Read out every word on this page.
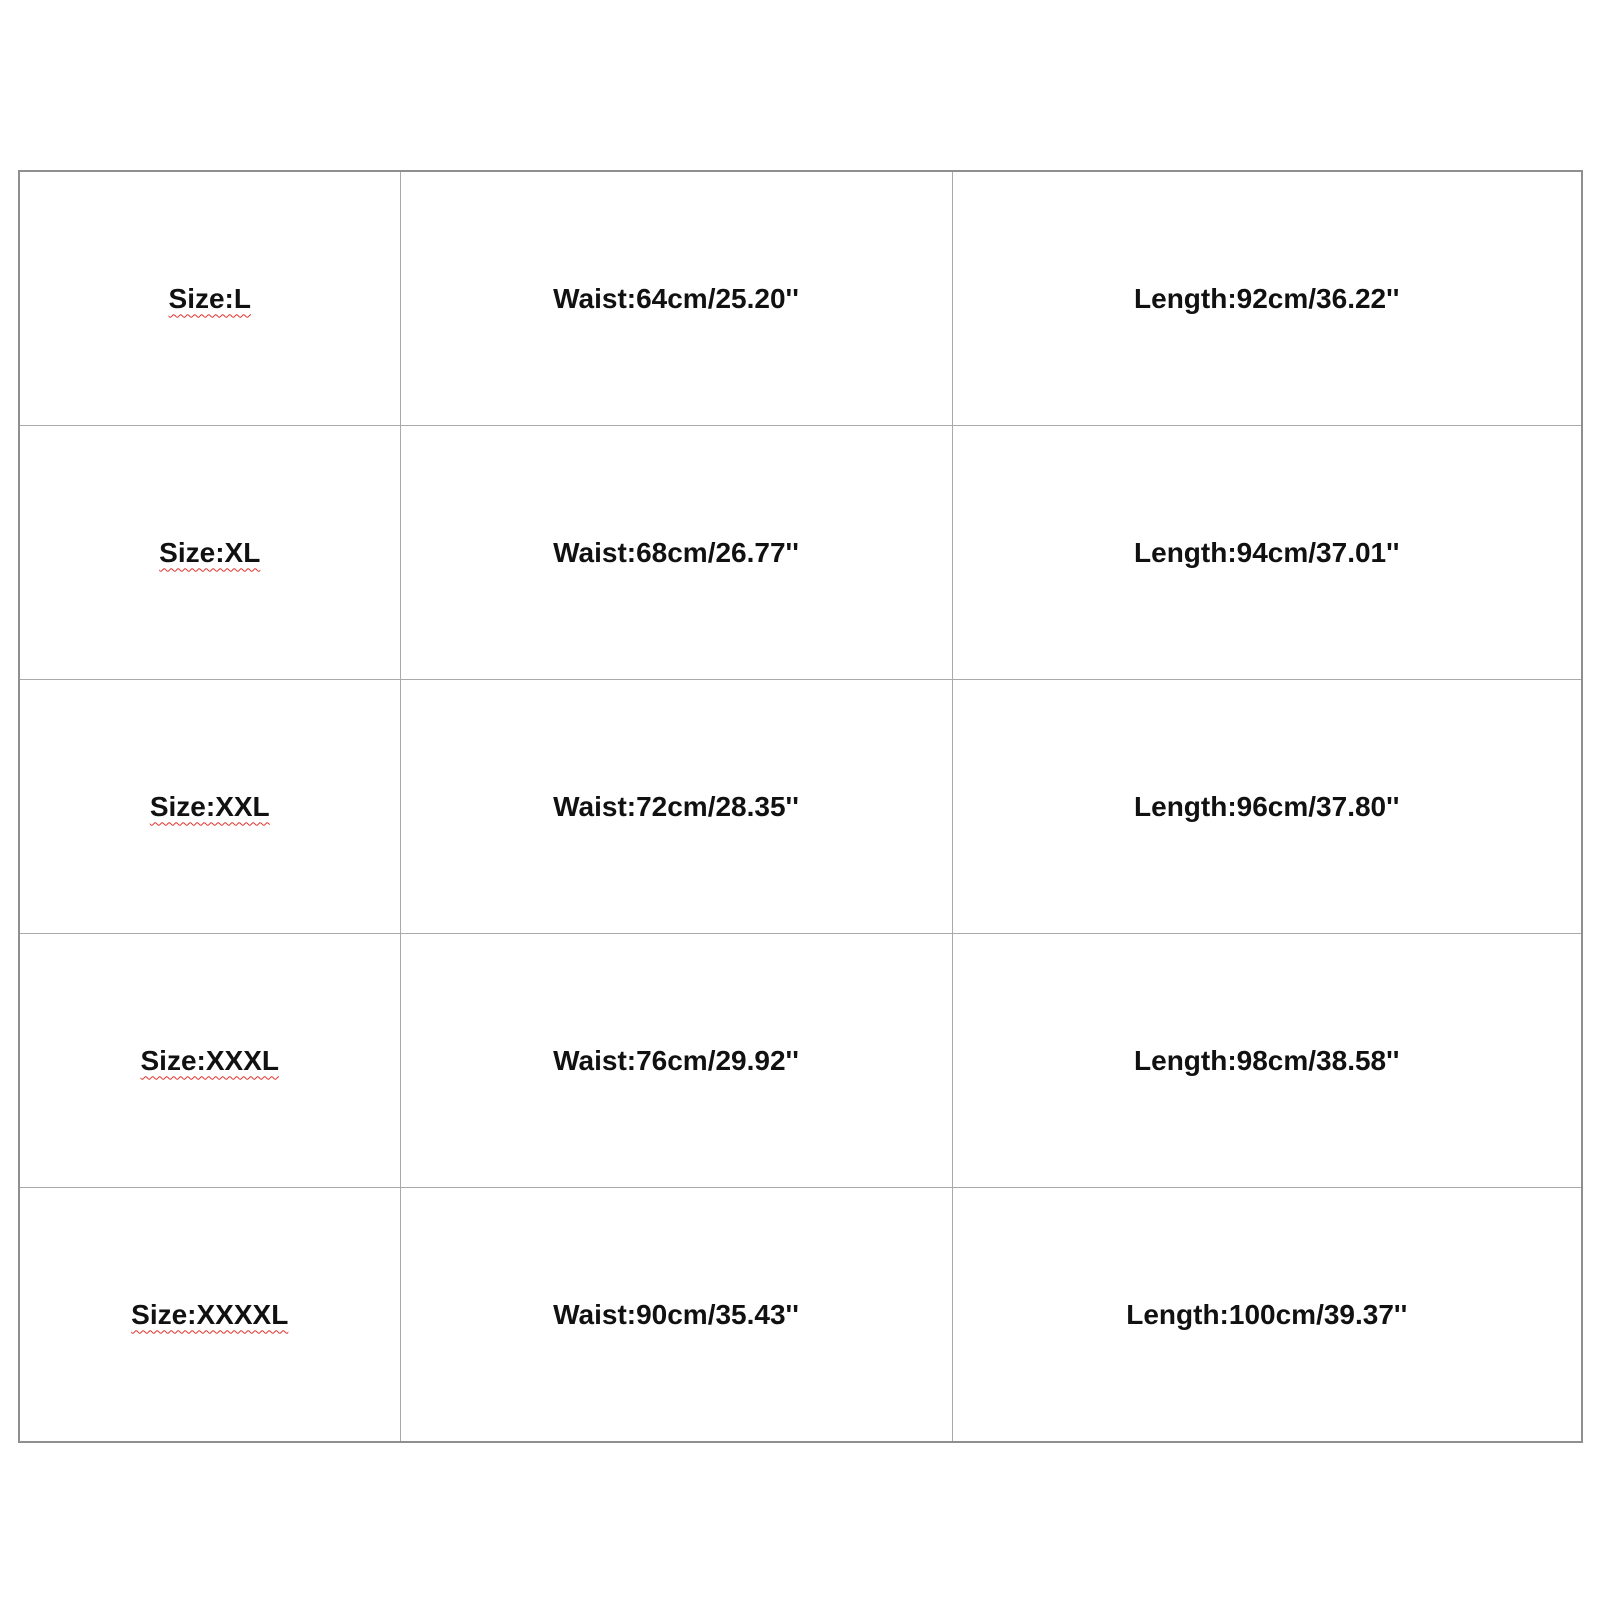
Size:L	Waist:64cm/25.20''	Length:92cm/36.22''
Size:XL	Waist:68cm/26.77''	Length:94cm/37.01''
Size:XXL	Waist:72cm/28.35''	Length:96cm/37.80''
Size:XXXL	Waist:76cm/29.92''	Length:98cm/38.58''
Size:XXXXL	Waist:90cm/35.43''	Length:100cm/39.37''
